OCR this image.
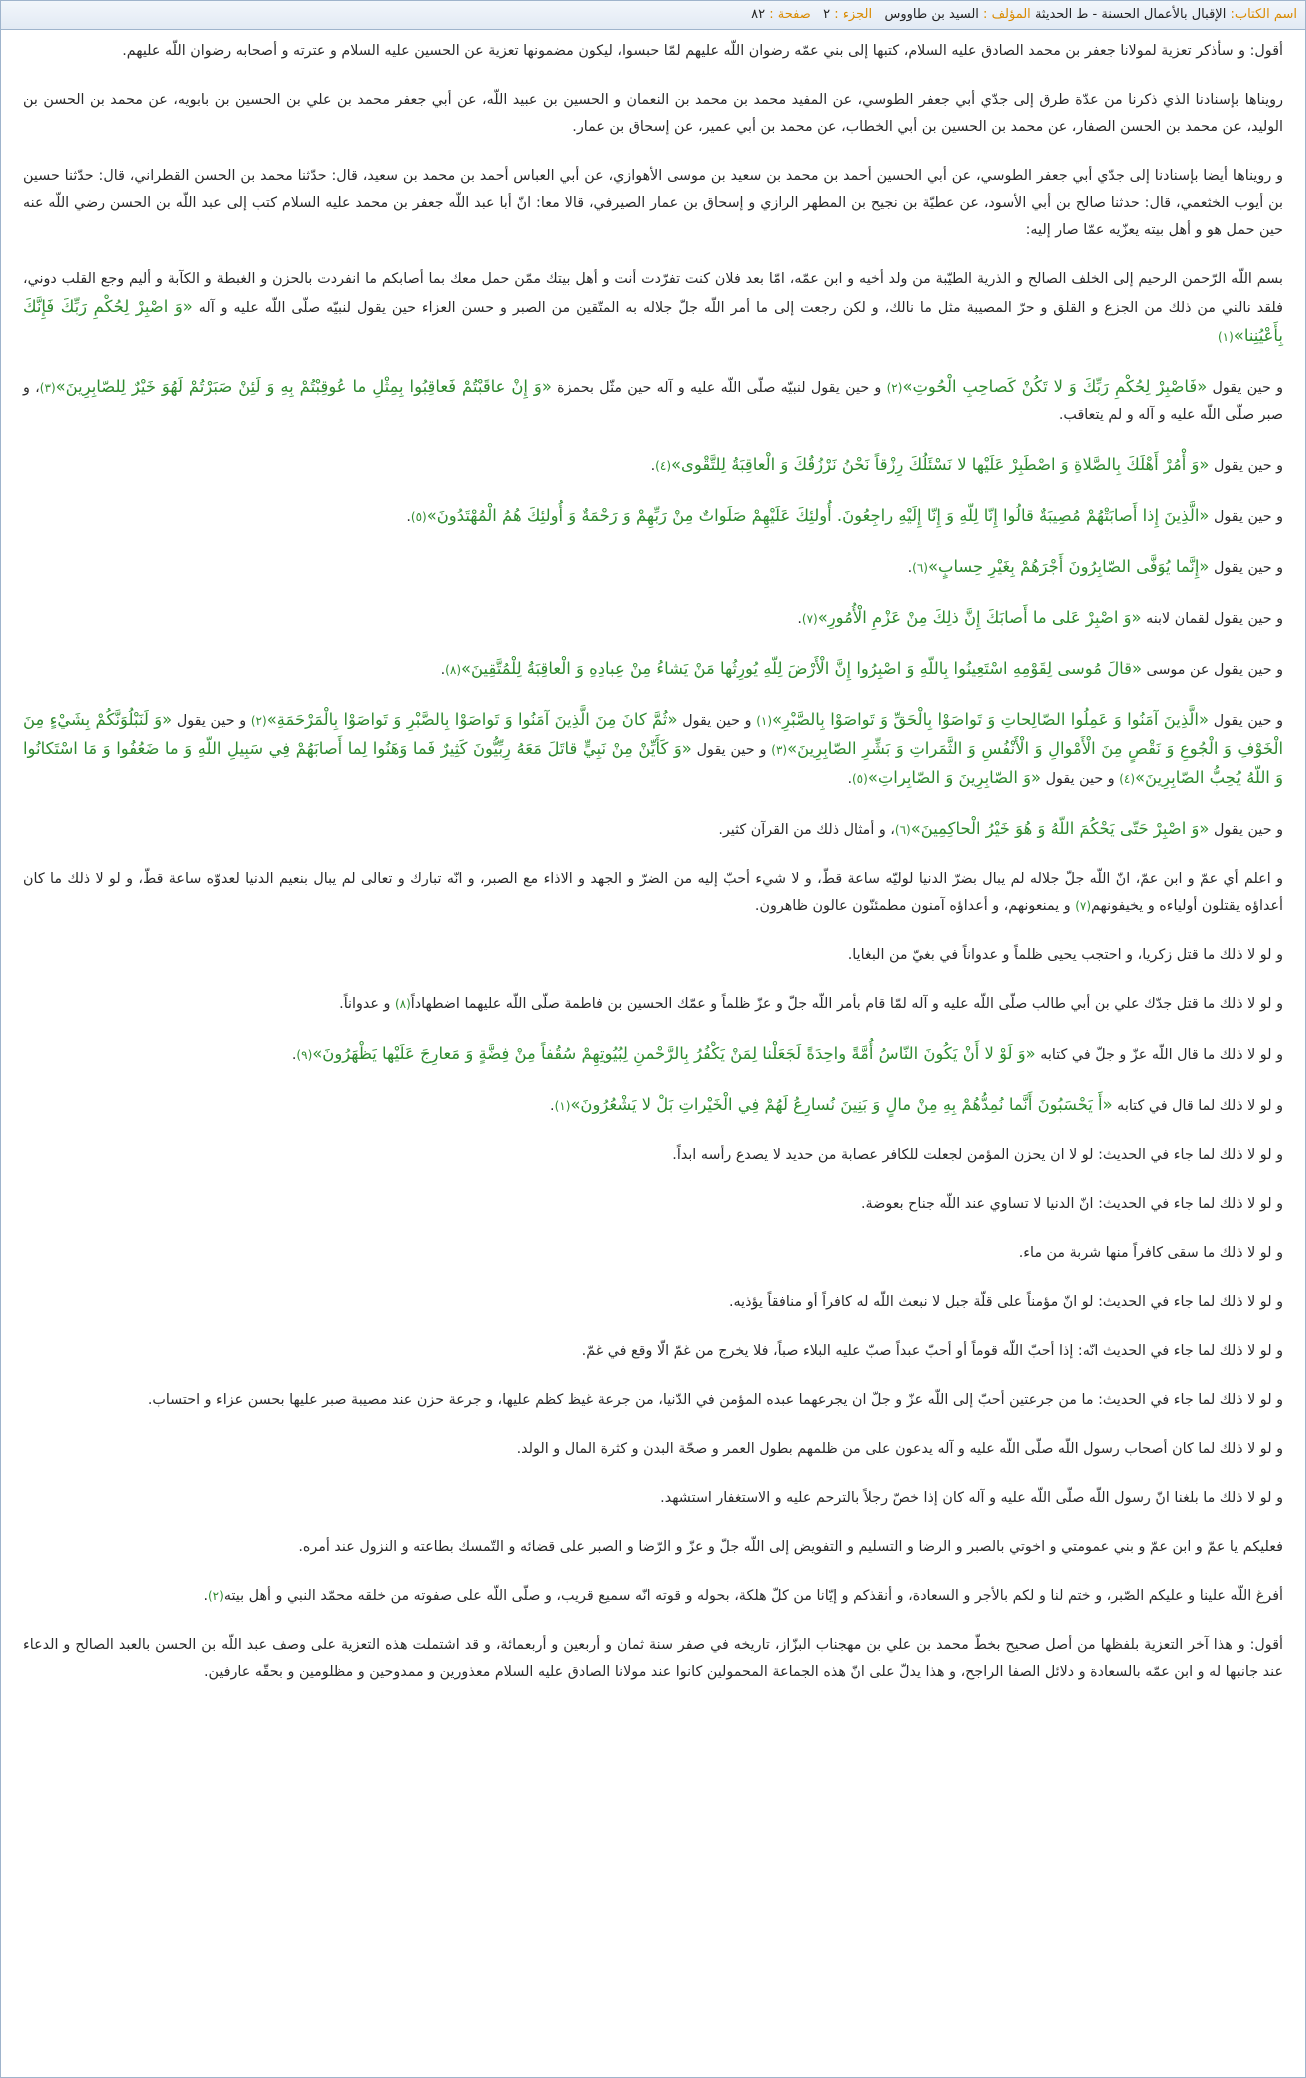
اسم الكتاب: الإقبال بالأعمال الحسنة - ط الحديثة المؤلف : السيد بن طاووس   الجزء : ٢   صفحة : ٨٢

أقول: و سأذكر تعزية لمولانا جعفر بن محمد الصادق عليه السلام، كتبها إلى بني عمّه رضوان اللّه عليهم لمّا حبسوا، ليكون مضمونها تعزية عن الحسين عليه السلام و عترته و أصحابه رضوان اللّه عليهم.

رويناها بإسنادنا الذي ذكرنا من عدّة طرق إلى جدّي أبي جعفر الطوسي، عن المفيد محمد بن محمد بن النعمان و الحسين بن عبيد اللّه، عن أبي جعفر محمد بن علي بن الحسين بن بابويه، عن محمد بن الحسن بن الوليد، عن محمد بن الحسن الصفار، عن محمد بن الحسين بن أبي الخطاب، عن محمد بن أبي عمير، عن إسحاق بن عمار.

و رويناها أيضا بإسنادنا إلى جدّي أبي جعفر الطوسي، عن أبي الحسين أحمد بن محمد بن سعيد بن موسى الأهوازي، عن أبي العباس أحمد بن محمد بن سعيد، قال: حدّثنا محمد بن الحسن القطراني، قال: حدّثنا حسين بن أيوب الخثعمي، قال: حدثنا صالح بن أبي الأسود، عن عطيّة بن نجيح بن المطهر الرازي و إسحاق بن عمار الصيرفي، قالا معا: انّ أبا عبد اللّه جعفر بن محمد عليه السلام كتب إلى عبد اللّه بن الحسن رضي اللّه عنه حين حمل هو و أهل بيته يعزّيه عمّا صار إليه:

بسم اللّه الرّحمن الرحيم إلى الخلف الصالح و الذرية الطيّبة من ولد أخيه و ابن عمّه، امّا بعد فلان كنت تفرّدت أنت و أهل بيتك ممّن حمل معك بما أصابكم ما انفردت بالحزن و الغبطة و الكآبة و أليم وجع القلب دوني، فلقد نالني من ذلك من الجزع و القلق و حرّ المصيبة مثل ما نالك، و لكن رجعت إلى ما أمر اللّه جلّ جلاله به المتّقين من الصبر و حسن العزاء حين يقول لنبيّه صلّى اللّه عليه و آله «وَ اصْبِرْ لِحُكْمِ رَبِّكَ فَإِنَّكَ بِأَعْيُنِنا»(١)

و حين يقول «فَاصْبِرْ لِحُكْمِ رَبِّكَ وَ لا تَكُنْ كَصاحِبِ الْحُوتِ»(٢) و حين يقول لنبيّه صلّى اللّه عليه و آله حين مثّل بحمزة «وَ إِنْ عاقَبْتُمْ فَعاقِبُوا بِمِثْلِ ما عُوقِبْتُمْ بِهِ وَ لَئِنْ صَبَرْتُمْ لَهُوَ خَيْرٌ لِلصّابِرِينَ»(٣)، و صبر صلّى اللّه عليه و آله و لم يتعاقب.

و حين يقول «وَ أْمُرْ أَهْلَكَ بِالصَّلاةِ وَ اصْطَبِرْ عَلَيْها لا نَسْئَلُكَ رِزْقاً نَحْنُ نَرْزُقُكَ وَ الْعاقِبَةُ لِلتَّقْوى»(٤).

و حين يقول «الَّذِينَ إِذا أَصابَتْهُمْ مُصِيبَةٌ قالُوا إِنّا لِلّهِ وَ إِنّا إِلَيْهِ راجِعُونَ. أُولئِكَ عَلَيْهِمْ صَلَواتٌ مِنْ رَبِّهِمْ وَ رَحْمَةٌ وَ أُولئِكَ هُمُ الْمُهْتَدُونَ»(٥).

و حين يقول «إِنَّما يُوَفَّى الصّابِرُونَ أَجْرَهُمْ بِغَيْرِ حِسابٍ»(٦).

و حين يقول لقمان لابنه «وَ اصْبِرْ عَلى ما أَصابَكَ إِنَّ ذلِكَ مِنْ عَزْمِ الْأُمُورِ»(٧).

و حين يقول عن موسى «قالَ مُوسى لِقَوْمِهِ اسْتَعِينُوا بِاللّهِ وَ اصْبِرُوا إِنَّ الْأَرْضَ لِلّهِ يُورِثُها مَنْ يَشاءُ مِنْ عِبادِهِ وَ الْعاقِبَةُ لِلْمُتَّقِينَ»(٨).

و حين يقول «الَّذِينَ آمَنُوا وَ عَمِلُوا الصّالِحاتِ وَ تَواصَوْا بِالْحَقِّ وَ تَواصَوْا بِالصَّبْرِ»(١) و حين يقول «ثُمَّ كانَ مِنَ الَّذِينَ آمَنُوا وَ تَواصَوْا بِالصَّبْرِ وَ تَواصَوْا بِالْمَرْحَمَةِ»(٢) و حين يقول «وَ لَنَبْلُوَنَّكُمْ بِشَيْءٍ مِنَ الْخَوْفِ وَ الْجُوعِ وَ نَقْصٍ مِنَ الْأَمْوالِ وَ الْأَنْفُسِ وَ الثَّمَراتِ وَ بَشِّرِ الصّابِرِينَ»(٣) و حين يقول «وَ كَأَيِّنْ مِنْ نَبِيٍّ قاتَلَ مَعَهُ رِبِّيُّونَ كَثِيرٌ فَما وَهَنُوا لِما أَصابَهُمْ فِي سَبِيلِ اللّهِ وَ ما ضَعُفُوا وَ مَا اسْتَكانُوا وَ اللّهُ يُحِبُّ الصّابِرِينَ»(٤) و حين يقول «وَ الصّابِرِينَ وَ الصّابِراتِ»(٥).

و حين يقول «وَ اصْبِرْ حَتّى يَحْكُمَ اللّهُ وَ هُوَ خَيْرُ الْحاكِمِينَ»(٦)، و أمثال ذلك من القرآن كثير.

و اعلم أي عمّ و ابن عمّ، انّ اللّه جلّ جلاله لم يبال بضرّ الدنيا لوليّه ساعة قطّ، و لا شيء أحبّ إليه من الضرّ و الجهد و الاذاء مع الصبر، و انّه تبارك و تعالى لم يبال بنعيم الدنيا لعدوّه ساعة قطّ، و لو لا ذلك ما كان أعداؤه يقتلون أولياءه و يخيفونهم(٧) و يمنعونهم، و أعداؤه آمنون مطمئنّون عالون ظاهرون.

و لو لا ذلك ما قتل زكريا، و احتجب يحيى ظلماً و عدواناً في بغيّ من البغايا.

و لو لا ذلك ما قتل جدّك علي بن أبي طالب صلّى اللّه عليه و آله لمّا قام بأمر اللّه جلّ و عزّ ظلماً و عمّك الحسين بن فاطمة صلّى اللّه عليهما اضطهاداً(٨) و عدواناً.

و لو لا ذلك ما قال اللّه عزّ و جلّ في كتابه «وَ لَوْ لا أَنْ يَكُونَ النّاسُ أُمَّةً واحِدَةً لَجَعَلْنا لِمَنْ يَكْفُرُ بِالرَّحْمنِ لِبُيُوتِهِمْ سُقُفاً مِنْ فِضَّةٍ وَ مَعارِجَ عَلَيْها يَظْهَرُونَ»(٩).

و لو لا ذلك لما قال في كتابه «أَ يَحْسَبُونَ أَنَّما نُمِدُّهُمْ بِهِ مِنْ مالٍ وَ بَنِينَ نُسارِعُ لَهُمْ فِي الْخَيْراتِ بَلْ لا يَشْعُرُونَ»(١).

و لو لا ذلك لما جاء في الحديث: لو لا ان يحزن المؤمن لجعلت للكافر عصابة من حديد لا يصدع رأسه ابداً.

و لو لا ذلك لما جاء في الحديث: انّ الدنيا لا تساوي عند اللّه جناح بعوضة.

و لو لا ذلك ما سقى كافراً منها شربة من ماء.

و لو لا ذلك لما جاء في الحديث: لو انّ مؤمناً على قلّة جبل لا نبعث اللّه له كافراً أو منافقاً يؤذيه.

و لو لا ذلك لما جاء في الحديث انّه: إذا أحبّ اللّه قوماً أو أحبّ عبداً صبّ عليه البلاء صباً، فلا يخرج من غمّ الّا وقع في غمّ.

و لو لا ذلك لما جاء في الحديث: ما من جرعتين أحبّ إلى اللّه عزّ و جلّ ان يجرعهما عبده المؤمن في الدّنيا، من جرعة غيظ كظم عليها، و جرعة حزن عند مصيبة صبر عليها بحسن عزاء و احتساب.

و لو لا ذلك لما كان أصحاب رسول اللّه صلّى اللّه عليه و آله يدعون على من ظلمهم بطول العمر و صحّة البدن و كثرة المال و الولد.

و لو لا ذلك ما بلغنا انّ رسول اللّه صلّى اللّه عليه و آله كان إذا خصّ رجلاً بالترحم عليه و الاستغفار استشهد.

فعليكم يا عمّ و ابن عمّ و بني عمومتي و اخوتي بالصبر و الرضا و التسليم و التفويض إلى اللّه جلّ و عزّ و الرّضا و الصبر على قضائه و التّمسك بطاعته و النزول عند أمره.

أفرغ اللّه علينا و عليكم الصّبر، و ختم لنا و لكم بالأجر و السعادة، و أنقذكم و إيّانا من كلّ هلكة، بحوله و قوته انّه سميع قريب، و صلّى اللّه على صفوته من خلقه محمّد النبي و أهل بيته(٢).

أقول: و هذا آخر التعزية بلفظها من أصل صحيح بخطّ محمد بن علي بن مهجناب البزّاز، تاريخه في صفر سنة ثمان و أربعين و أربعمائة، و قد اشتملت هذه التعزية على وصف عبد اللّه بن الحسن بالعبد الصالح و الدعاء عند جانبها له و ابن عمّه بالسعادة و دلائل الصفا الراجح، و هذا يدلّ على انّ هذه الجماعة المحمولين كانوا عند مولانا الصادق عليه السلام معذورين و ممدوحين و مظلومين و بحقّه عارفين.
